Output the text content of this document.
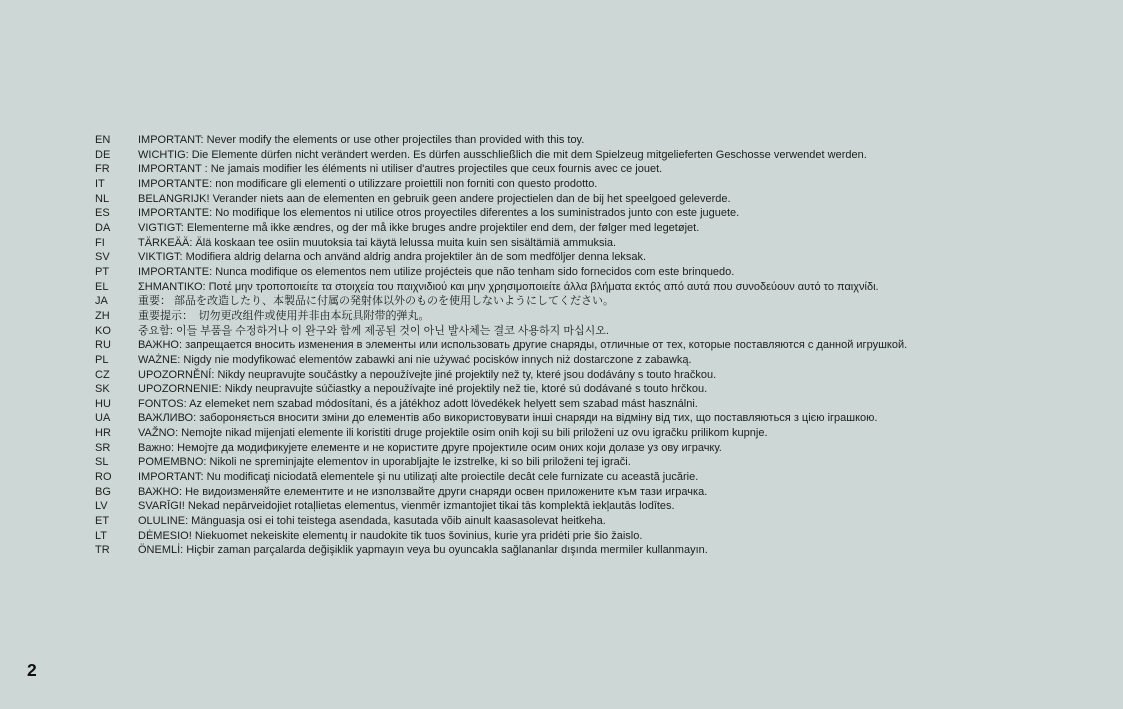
EN	IMPORTANT: Never modify the elements or use other projectiles than provided with this toy.
DE	WICHTIG: Die Elemente dürfen nicht verändert werden. Es dürfen ausschließlich die mit dem Spielzeug mitgelieferten Geschosse verwendet werden.
FR	IMPORTANT : Ne jamais modifier les éléments ni utiliser d'autres projectiles que ceux fournis avec ce jouet.
IT	IMPORTANTE: non modificare gli elementi o utilizzare proiettili non forniti con questo prodotto.
NL	BELANGRIJK! Verander niets aan de elementen en gebruik geen andere projectielen dan de bij het speelgoed geleverde.
ES	IMPORTANTE: No modifique los elementos ni utilice otros proyectiles diferentes a los suministrados junto con este juguete.
DA	VIGTIGT: Elementerne må ikke ændres, og der må ikke bruges andre projektiler end dem, der følger med legetøjet.
FI	TÄRKEÄÄ: Älä koskaan tee osiin muutoksia tai käytä lelussa muita kuin sen sisältämiä ammuksia.
SV	VIKTIGT: Modifiera aldrig delarna och använd aldrig andra projektiler än de som medföljer denna leksak.
PT	IMPORTANTE: Nunca modifique os elementos nem utilize projécteis que não tenham sido fornecidos com este brinquedo.
EL	ΣΗΜΑΝΤΙΚΟ: Ποτέ μην τροποποιείτε τα στοιχεία του παιχνιδιού και μην χρησιμοποιείτε άλλα βλήματα εκτός από αυτά που συνοδεύουν αυτό το παιχνίδι.
JA	重要： 部品を改造したり、本製品に付属の発射体以外のものを使用しないようにしてください。
ZH	重要提示：　切勿更改组件或使用并非由本玩具附带的弹丸。
KO	중요함: 이들 부품을 수정하거나 이 완구와 함께 제공된 것이 아닌 발사체는 결코 사용하지 마십시오.
RU	ВАЖНО: запрещается вносить изменения в элементы или использовать другие снаряды, отличные от тех, которые поставляются с данной игрушкой.
PL	WAŻNE: Nigdy nie modyfikować elementów zabawki ani nie używać pocisków innych niż dostarczone z zabawką.
CZ	UPOZORNĚNÍ: Nikdy neupravujte součástky a nepoužívejte jiné projektily než ty, které jsou dodávány s touto hračkou.
SK	UPOZORNENIE: Nikdy neupravujte súčiastky a nepoužívajte iné projektily než tie, ktoré sú dodávané s touto hrčkou.
HU	FONTOS: Az elemeket nem szabad módosítani, és a játékhoz adott lövedékek helyett sem szabad mást használni.
UA	ВАЖЛИВО: забороняється вносити зміни до елементів або використовувати інші снаряди на відміну від тих, що поставляються з цією іграшкою.
HR	VAŽNO: Nemojte nikad mijenjati elemente ili koristiti druge projektile osim onih koji su bili priloženi uz ovu igračku prilikom kupnje.
SR	Важно: Немојте да модификујете елементе и не користите друге пројектиле осим оних који долазе уз ову играчку.
SL	POMEMBNO: Nikoli ne spreminjajte elementov in uporabljajte le izstrelke, ki so bili priloženi tej igrači.
RO	IMPORTANT: Nu modificaţi niciodată elementele şi nu utilizaţi alte proiectile decât cele furnizate cu această jucărie.
BG	ВАЖНО: Не видоизменяйте елементите и не използвайте други снаряди освен приложените към тази играчка.
LV	SVARĪGI! Nekad nepārveidojiet rotaļlietas elementus, vienmēr izmantojiet tikai tās komplektā iekļautās lodītes.
ET	OLULINE: Mänguasja osi ei tohi teistega asendada, kasutada võib ainult kaasasolevat heitkeha.
LT	DĖMESIO! Niekuomet nekeiskite elementų ir naudokite tik tuos šovinius, kurie yra pridėti prie šio žaislo.
TR	ÖNEMLİ: Hiçbir zaman parçalarda değişiklik yapmayın veya bu oyuncakla sağlananlar dışında mermiler kullanmayın.
2
